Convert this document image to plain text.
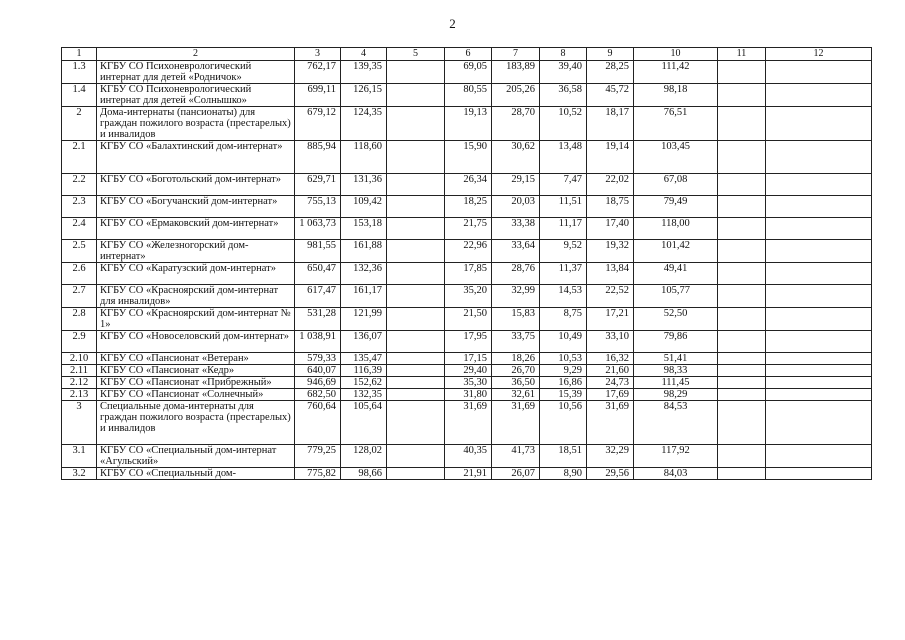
2
1	2	3	4	5	6	7	8	9	10	11	12
1.3	КГБУ СО Психоневрологический интернат для детей «Родничок»	762,17	139,35		69,05	183,89	39,40	28,25	111,42		
1.4	КГБУ СО Психоневрологический интернат для детей «Солнышко»	699,11	126,15		80,55	205,26	36,58	45,72	98,18		
2	Дома-интернаты (пансионаты) для граждан пожилого возраста (престарелых) и инвалидов	679,12	124,35		19,13	28,70	10,52	18,17	76,51		
2.1	КГБУ СО «Балахтинский дом-интернат»	885,94	118,60		15,90	30,62	13,48	19,14	103,45		
2.2	КГБУ СО «Боготольский дом-интернат»	629,71	131,36		26,34	29,15	7,47	22,02	67,08		
2.3	КГБУ СО «Богучанский дом-интернат»	755,13	109,42		18,25	20,03	11,51	18,75	79,49		
2.4	КГБУ СО «Ермаковский дом-интернат»	1 063,73	153,18		21,75	33,38	11,17	17,40	118,00		
2.5	КГБУ СО «Железногорский дом-интернат»	981,55	161,88		22,96	33,64	9,52	19,32	101,42		
2.6	КГБУ СО «Каратузский дом-интернат»	650,47	132,36		17,85	28,76	11,37	13,84	49,41		
2.7	КГБУ СО «Красноярский дом-интернат для инвалидов»	617,47	161,17		35,20	32,99	14,53	22,52	105,77		
2.8	КГБУ СО «Красноярский дом-интернат № 1»	531,28	121,99		21,50	15,83	8,75	17,21	52,50		
2.9	КГБУ СО «Новоселовский дом-интернат»	1 038,91	136,07		17,95	33,75	10,49	33,10	79,86		
2.10	КГБУ СО «Пансионат «Ветеран»	579,33	135,47		17,15	18,26	10,53	16,32	51,41		
2.11	КГБУ СО «Пансионат «Кедр»	640,07	116,39		29,40	26,70	9,29	21,60	98,33		
2.12	КГБУ СО «Пансионат «Прибрежный»	946,69	152,62		35,30	36,50	16,86	24,73	111,45		
2.13	КГБУ СО «Пансионат «Солнечный»	682,50	132,35		31,80	32,61	15,39	17,69	98,29		
3	Специальные дома-интернаты для граждан пожилого возраста (престарелых) и инвалидов	760,64	105,64		31,69	31,69	10,56	31,69	84,53		
3.1	КГБУ СО «Специальный дом-интернат «Агульский»	779,25	128,02		40,35	41,73	18,51	32,29	117,92		
3.2	КГБУ СО «Специальный дом-	775,82	98,66		21,91	26,07	8,90	29,56	84,03		
